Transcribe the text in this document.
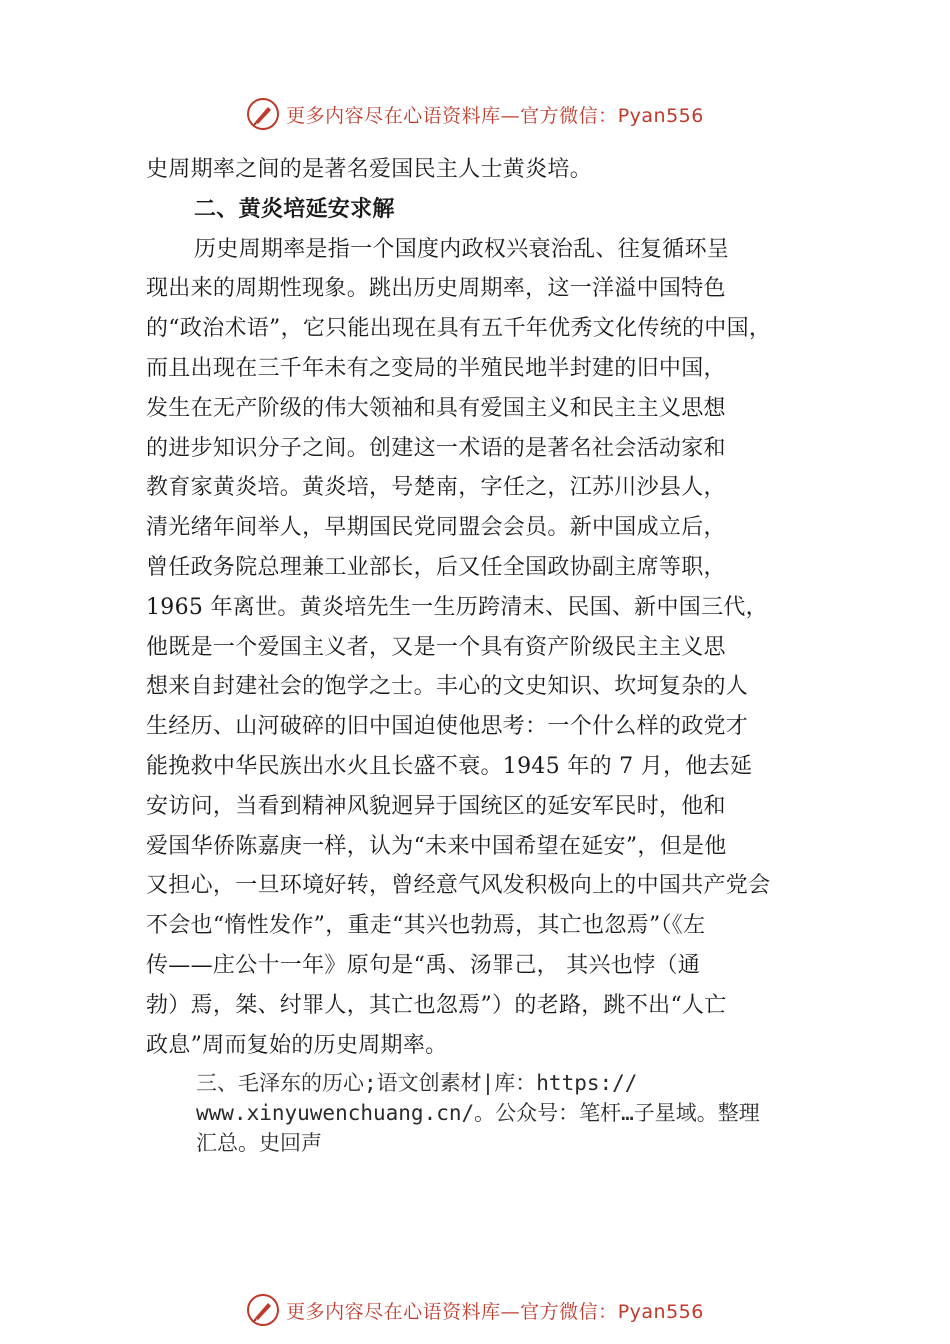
更多内容尽在心语资料库—官方微信：Pyan556
史周期率之间的是著名爱国民主人士黄炎培。
二、黄炎培延安求解
历史周期率是指一个国度内政权兴衰治乱、往复循环呈
现出来的周期性现象。跳出历史周期率，这一洋溢中国特色
的“政治术语”，它只能出现在具有五千年优秀文化传统的中国，
而且出现在三千年未有之变局的半殖民地半封建的旧中国，
发生在无产阶级的伟大领袖和具有爱国主义和民主主义思想
的进步知识分子之间。创建这一术语的是著名社会活动家和
教育家黄炎培。黄炎培，号楚南，字任之，江苏川沙县人，
清光绪年间举人，早期国民党同盟会会员。新中国成立后，
曾任政务院总理兼工业部长，后又任全国政协副主席等职，
1965 年离世。黄炎培先生一生历跨清末、民国、新中国三代，
他既是一个爱国主义者，又是一个具有资产阶级民主主义思
想来自封建社会的饱学之士。丰心的文史知识、坎坷复杂的人
生经历、山河破碎的旧中国迫使他思考：一个什么样的政党才
能挽救中华民族出水火且长盛不衰。1945 年的 7 月，他去延
安访问，当看到精神风貌迥异于国统区的延安军民时，他和
爱国华侨陈嘉庚一样，认为“未来中国希望在延安”，但是他
又担心，一旦环境好转，曾经意气风发积极向上的中国共产党会
不会也“惰性发作”，重走“其兴也勃焉，其亡也忽焉”（《左
传——庄公十一年》原句是“禹、汤罪己， 其兴也悖（通
勃）焉，桀、纣罪人，其亡也忽焉”）的老路，跳不出“人亡
政息”周而复始的历史周期率。
三、毛泽东的历心;语文创素材|库：https://
www.xinyuwenchuang.cn/。公众号：笔杆…子星域。整理
汇总。史回声
更多内容尽在心语资料库—官方微信：Pyan556
